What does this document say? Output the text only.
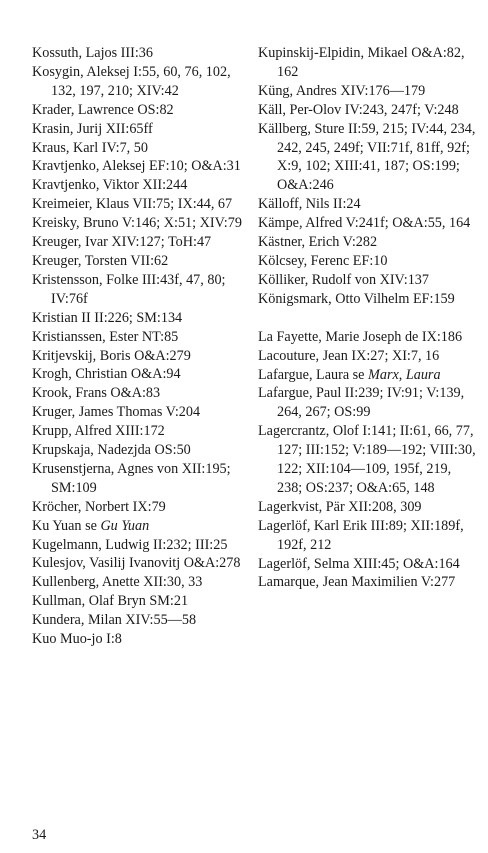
Kossuth, Lajos III:36
Kosygin, Aleksej I:55, 60, 76, 102, 132, 197, 210; XIV:42
Krader, Lawrence OS:82
Krasin, Jurij XII:65ff
Kraus, Karl IV:7, 50
Kravtjenko, Aleksej EF:10; O&A:31
Kravtjenko, Viktor XII:244
Kreimeier, Klaus VII:75; IX:44, 67
Kreisky, Bruno V:146; X:51; XIV:79
Kreuger, Ivar XIV:127; ToH:47
Kreuger, Torsten VII:62
Kristensson, Folke III:43f, 47, 80; IV:76f
Kristian II II:226; SM:134
Kristianssen, Ester NT:85
Kritjevskij, Boris O&A:279
Krogh, Christian O&A:94
Krook, Frans O&A:83
Kruger, James Thomas V:204
Krupp, Alfred XIII:172
Krupskaja, Nadezjda OS:50
Krusenstjerna, Agnes von XII:195; SM:109
Kröcher, Norbert IX:79
Ku Yuan se Gu Yuan
Kugelmann, Ludwig II:232; III:25
Kulesjov, Vasilij Ivanovitj O&A:278
Kullenberg, Anette XII:30, 33
Kullman, Olaf Bryn SM:21
Kundera, Milan XIV:55—58
Kuo Muo-jo I:8
Kupinskij-Elpidin, Mikael O&A:82, 162
Küng, Andres XIV:176—179
Käll, Per-Olov IV:243, 247f; V:248
Källberg, Sture II:59, 215; IV:44, 234, 242, 245, 249f; VII:71f, 81ff, 92f; X:9, 102; XIII:41, 187; OS:199; O&A:246
Källoff, Nils II:24
Kämpe, Alfred V:241f; O&A:55, 164
Kästner, Erich V:282
Kölcsey, Ferenc EF:10
Kölliker, Rudolf von XIV:137
Königsmark, Otto Vilhelm EF:159
La Fayette, Marie Joseph de IX:186
Lacouture, Jean IX:27; XI:7, 16
Lafargue, Laura se Marx, Laura
Lafargue, Paul II:239; IV:91; V:139, 264, 267; OS:99
Lagercrantz, Olof I:141; II:61, 66, 77, 127; III:152; V:189—192; VIII:30, 122; XII:104—109, 195f, 219, 238; OS:237; O&A:65, 148
Lagerkvist, Pär XII:208, 309
Lagerlöf, Karl Erik III:89; XII:189f, 192f, 212
Lagerlöf, Selma XIII:45; O&A:164
Lamarque, Jean Maximilien V:277
34
